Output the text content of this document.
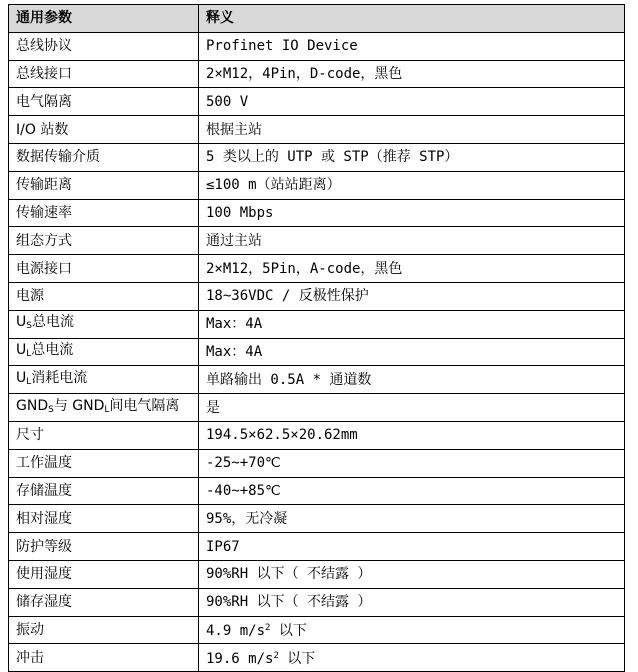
通用参数	释义
总线协议	Profinet IO Device
总线接口	2×M12，4Pin，D-code，黑色
电气隔离	500 V
I/O 站数	根据主站
数据传输介质	5 类以上的 UTP 或 STP（推荐 STP）
传输距离	≤100 m（站站距离）
传输速率	100 Mbps
组态方式	通过主站
电源接口	2×M12，5Pin，A-code，黑色
电源	18~36VDC / 反极性保护
US总电流	Max：4A
UL总电流	Max：4A
UL消耗电流	单路输出 0.5A * 通道数
GNDS与 GNDL间电气隔离	是
尺寸	194.5×62.5×20.62mm
工作温度	-25~+70℃
存储温度	-40~+85℃
相对湿度	95%，无冷凝
防护等级	IP67
使用湿度	90%RH 以下（ 不结露 ）
储存湿度	90%RH 以下（ 不结露 ）
振动	4.9 $m/s^2$ 以下
冲击	19.6 $m/s^2$ 以下
